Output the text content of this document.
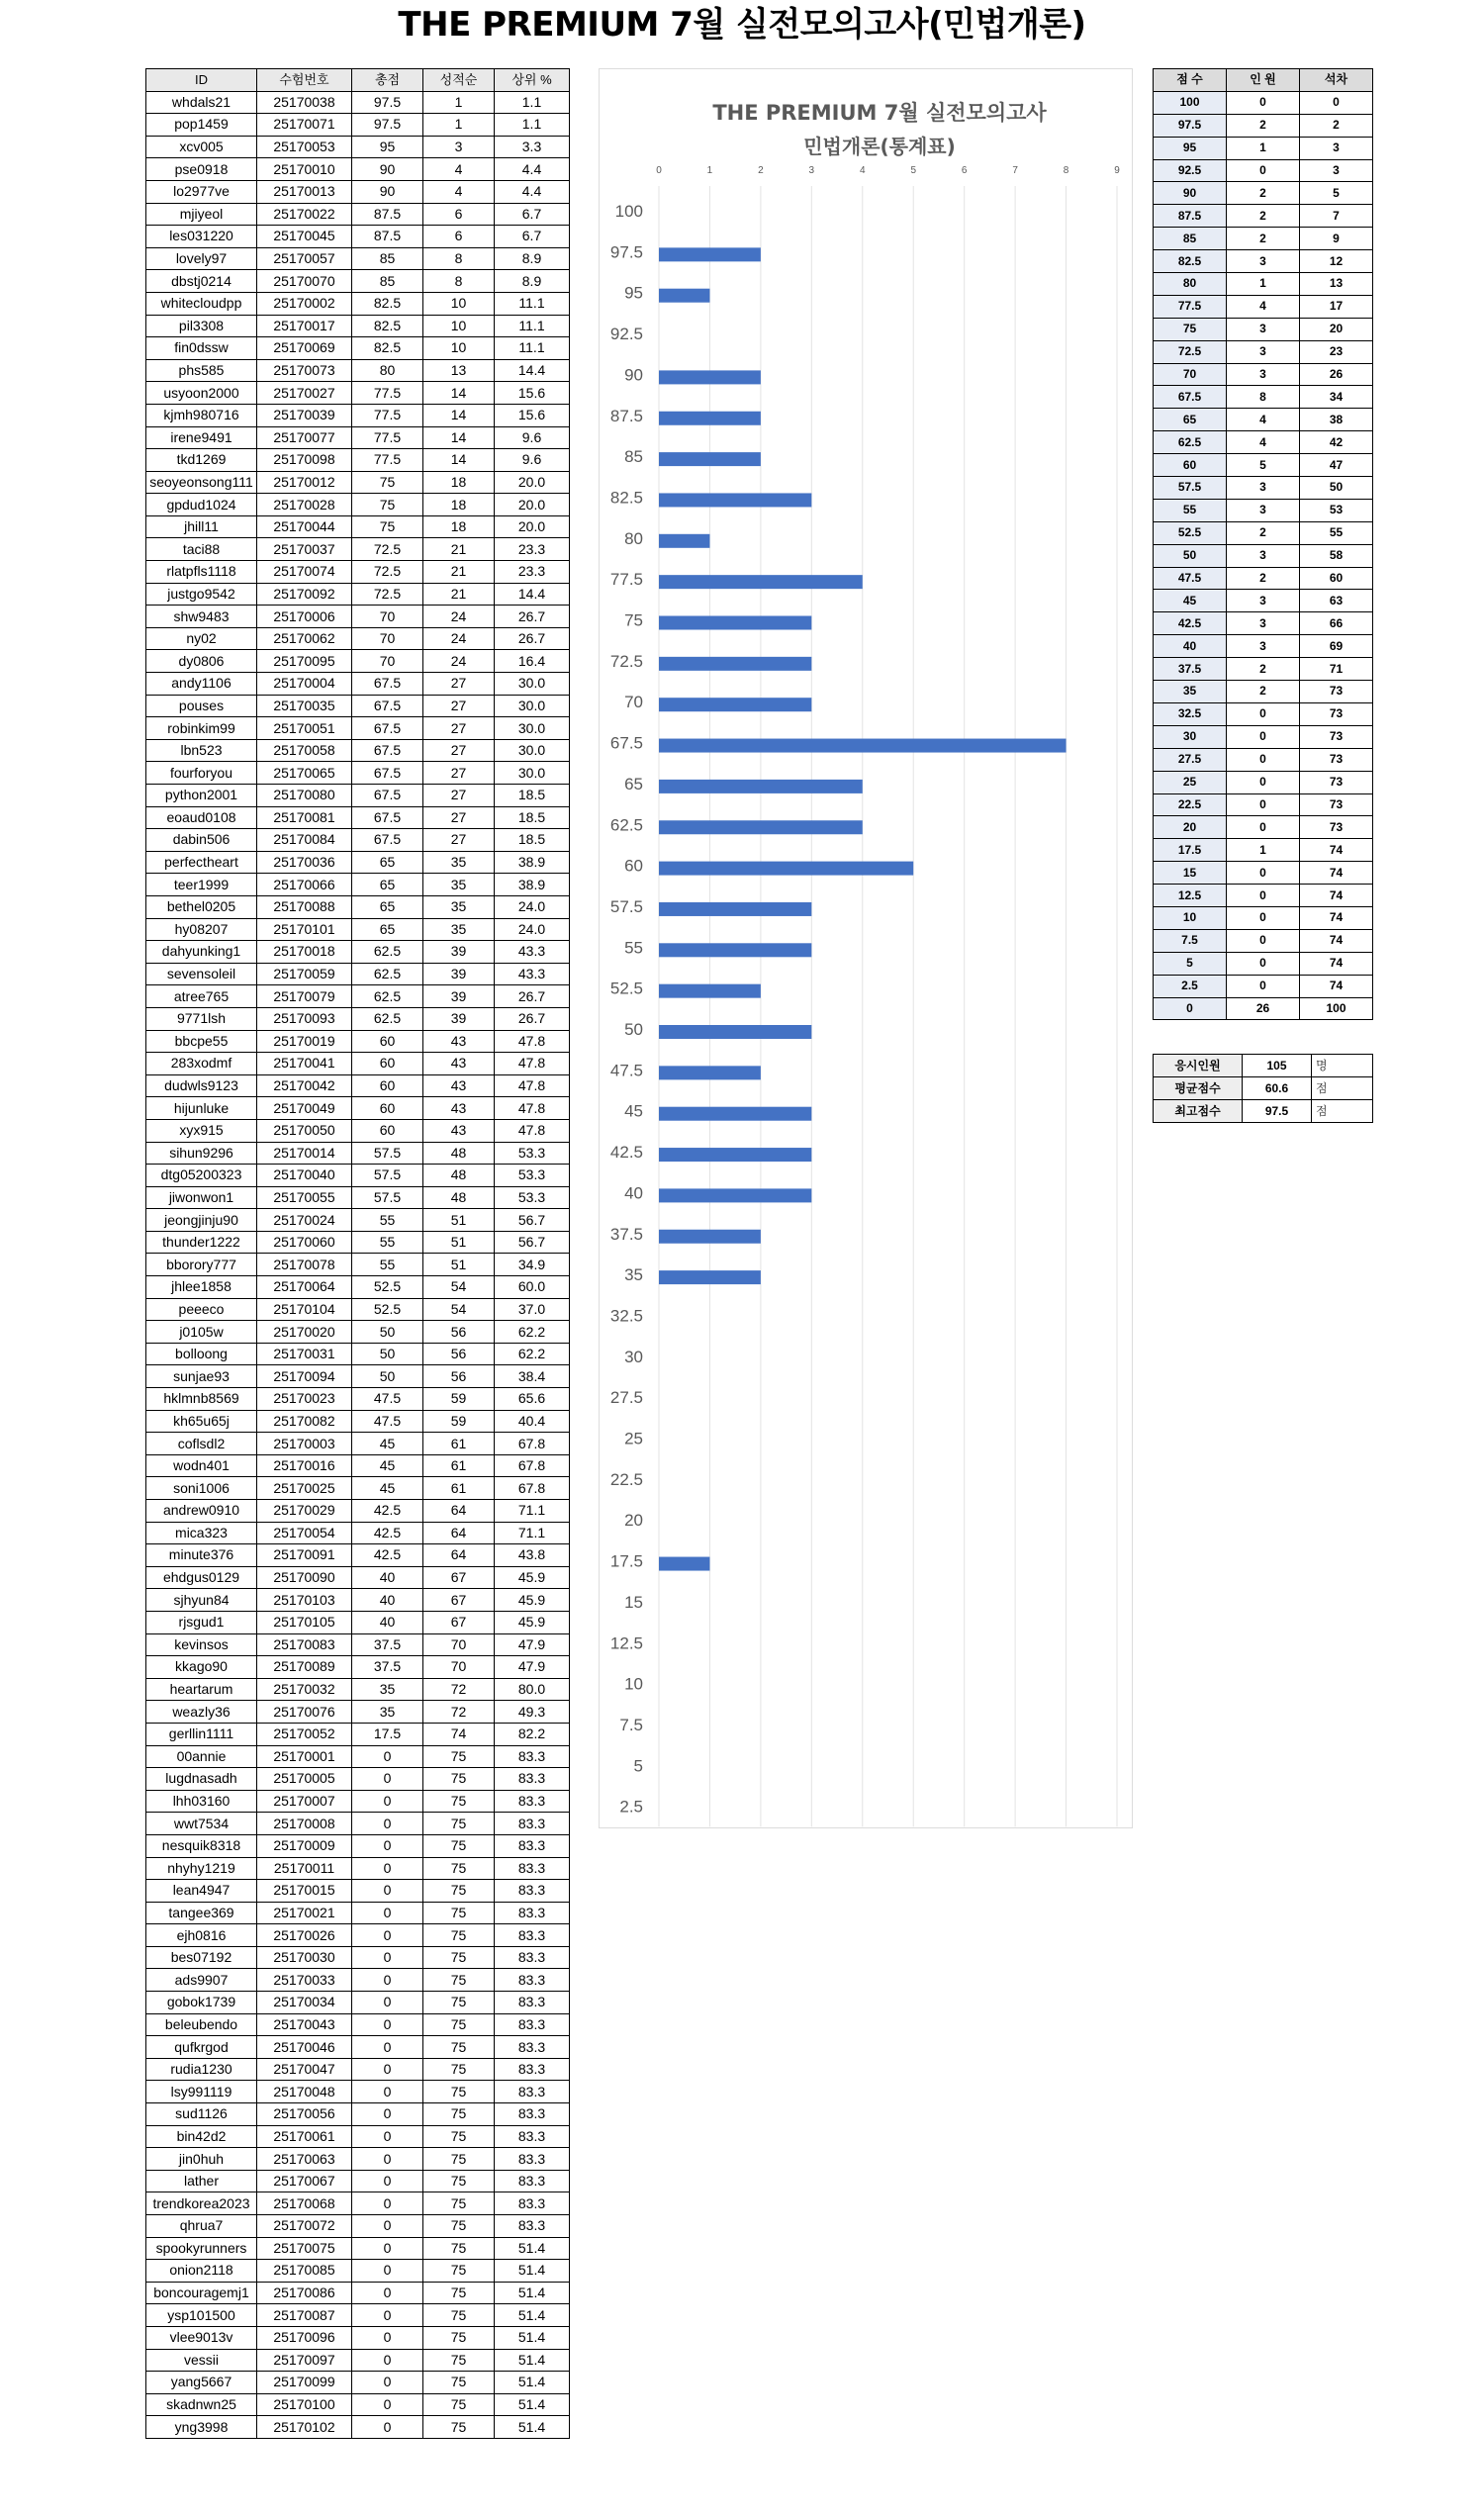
THE PREMIUM 7월 실전모의고사(민법개론)
ID	수험번호	총점	성적순	상위 %
whdals21	25170038	97.5	1	1.1
pop1459	25170071	97.5	1	1.1
xcv005	25170053	95	3	3.3
pse0918	25170010	90	4	4.4
lo2977ve	25170013	90	4	4.4
mjiyeol	25170022	87.5	6	6.7
les031220	25170045	87.5	6	6.7
lovely97	25170057	85	8	8.9
dbstj0214	25170070	85	8	8.9
whitecloudpp	25170002	82.5	10	11.1
pil3308	25170017	82.5	10	11.1
fin0dssw	25170069	82.5	10	11.1
phs585	25170073	80	13	14.4
usyoon2000	25170027	77.5	14	15.6
kjmh980716	25170039	77.5	14	15.6
irene9491	25170077	77.5	14	9.6
tkd1269	25170098	77.5	14	9.6
seoyeonsong111	25170012	75	18	20.0
gpdud1024	25170028	75	18	20.0
jhill11	25170044	75	18	20.0
taci88	25170037	72.5	21	23.3
rlatpfls1118	25170074	72.5	21	23.3
justgo9542	25170092	72.5	21	14.4
shw9483	25170006	70	24	26.7
ny02	25170062	70	24	26.7
dy0806	25170095	70	24	16.4
andy1106	25170004	67.5	27	30.0
pouses	25170035	67.5	27	30.0
robinkim99	25170051	67.5	27	30.0
lbn523	25170058	67.5	27	30.0
fourforyou	25170065	67.5	27	30.0
python2001	25170080	67.5	27	18.5
eoaud0108	25170081	67.5	27	18.5
dabin506	25170084	67.5	27	18.5
perfectheart	25170036	65	35	38.9
teer1999	25170066	65	35	38.9
bethel0205	25170088	65	35	24.0
hy08207	25170101	65	35	24.0
dahyunking1	25170018	62.5	39	43.3
sevensoleil	25170059	62.5	39	43.3
atree765	25170079	62.5	39	26.7
9771lsh	25170093	62.5	39	26.7
bbcpe55	25170019	60	43	47.8
283xodmf	25170041	60	43	47.8
dudwls9123	25170042	60	43	47.8
hijunluke	25170049	60	43	47.8
xyx915	25170050	60	43	47.8
sihun9296	25170014	57.5	48	53.3
dtg05200323	25170040	57.5	48	53.3
jiwonwon1	25170055	57.5	48	53.3
jeongjinju90	25170024	55	51	56.7
thunder1222	25170060	55	51	56.7
bborory777	25170078	55	51	34.9
jhlee1858	25170064	52.5	54	60.0
peeeco	25170104	52.5	54	37.0
j0105w	25170020	50	56	62.2
bolloong	25170031	50	56	62.2
sunjae93	25170094	50	56	38.4
hklmnb8569	25170023	47.5	59	65.6
kh65u65j	25170082	47.5	59	40.4
coflsdl2	25170003	45	61	67.8
wodn401	25170016	45	61	67.8
soni1006	25170025	45	61	67.8
andrew0910	25170029	42.5	64	71.1
mica323	25170054	42.5	64	71.1
minute376	25170091	42.5	64	43.8
ehdgus0129	25170090	40	67	45.9
sjhyun84	25170103	40	67	45.9
rjsgud1	25170105	40	67	45.9
kevinsos	25170083	37.5	70	47.9
kkago90	25170089	37.5	70	47.9
heartarum	25170032	35	72	80.0
weazly36	25170076	35	72	49.3
gerllin1111	25170052	17.5	74	82.2
00annie	25170001	0	75	83.3
lugdnasadh	25170005	0	75	83.3
lhh03160	25170007	0	75	83.3
wwt7534	25170008	0	75	83.3
nesquik8318	25170009	0	75	83.3
nhyhy1219	25170011	0	75	83.3
lean4947	25170015	0	75	83.3
tangee369	25170021	0	75	83.3
ejh0816	25170026	0	75	83.3
bes07192	25170030	0	75	83.3
ads9907	25170033	0	75	83.3
gobok1739	25170034	0	75	83.3
beleubendo	25170043	0	75	83.3
qufkrgod	25170046	0	75	83.3
rudia1230	25170047	0	75	83.3
lsy991119	25170048	0	75	83.3
sud1126	25170056	0	75	83.3
bin42d2	25170061	0	75	83.3
jin0huh	25170063	0	75	83.3
lather	25170067	0	75	83.3
trendkorea2023	25170068	0	75	83.3
qhrua7	25170072	0	75	83.3
spookyrunners	25170075	0	75	51.4
onion2118	25170085	0	75	51.4
boncouragemj1	25170086	0	75	51.4
ysp101500	25170087	0	75	51.4
vlee9013v	25170096	0	75	51.4
vessii	25170097	0	75	51.4
yang5667	25170099	0	75	51.4
skadnwn25	25170100	0	75	51.4
yng3998	25170102	0	75	51.4
THE PREMIUM 7월 실전모의고사
민법개론(통계표)
0	1	2	3	4	5	6	7	8	9
100
97.5
95
92.5
90
87.5
85
82.5
80
77.5
75
72.5
70
67.5
65
62.5
60
57.5
55
52.5
50
47.5
45
42.5
40
37.5
35
32.5
30
27.5
25
22.5
20
17.5
15
12.5
10
7.5
5
2.5
점 수	인 원	석차
100	0	0
97.5	2	2
95	1	3
92.5	0	3
90	2	5
87.5	2	7
85	2	9
82.5	3	12
80	1	13
77.5	4	17
75	3	20
72.5	3	23
70	3	26
67.5	8	34
65	4	38
62.5	4	42
60	5	47
57.5	3	50
55	3	53
52.5	2	55
50	3	58
47.5	2	60
45	3	63
42.5	3	66
40	3	69
37.5	2	71
35	2	73
32.5	0	73
30	0	73
27.5	0	73
25	0	73
22.5	0	73
20	0	73
17.5	1	74
15	0	74
12.5	0	74
10	0	74
7.5	0	74
5	0	74
2.5	0	74
0	26	100
응시인원	105	명
평균점수	60.6	점
최고점수	97.5	점
